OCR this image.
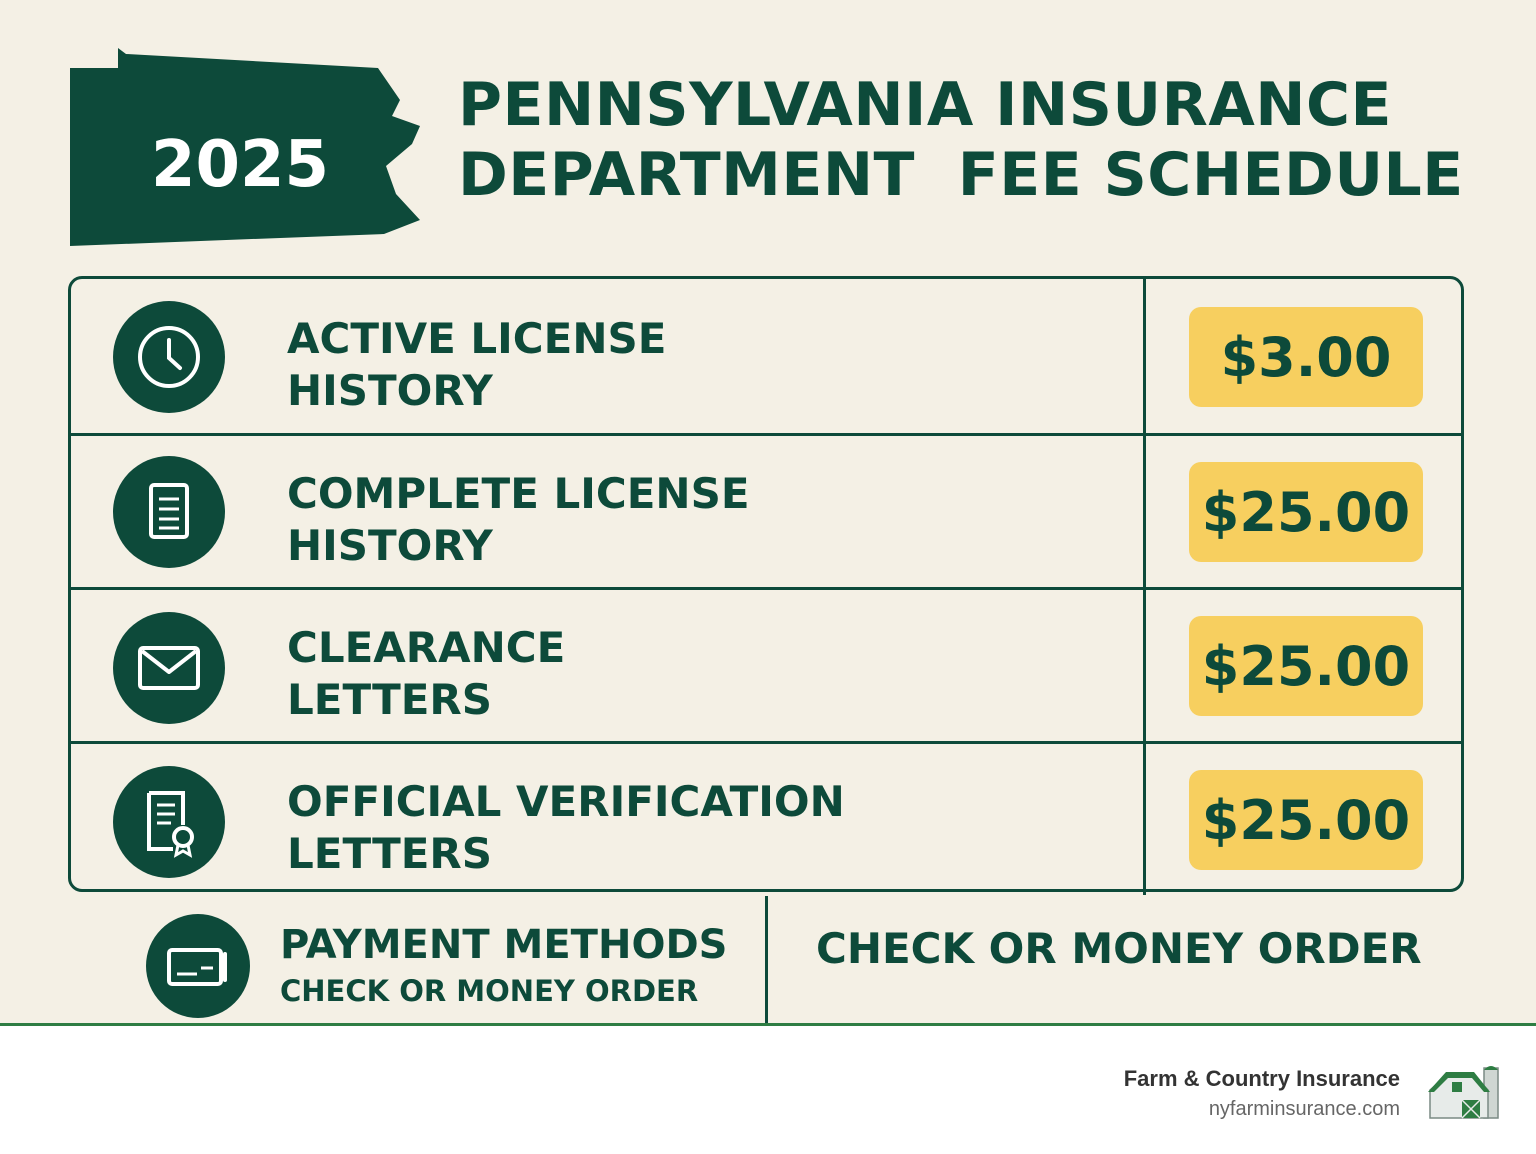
2025
PENNSYLVANIA INSURANCE
DEPARTMENT  FEE SCHEDULE
ACTIVE LICENSE
HISTORY
$3.00
COMPLETE LICENSE
HISTORY
$25.00
CLEARANCE
LETTERS
$25.00
OFFICIAL VERIFICATION
LETTERS
$25.00
PAYMENT METHODS
CHECK OR MONEY ORDER
CHECK OR MONEY ORDER
Farm & Country Insurance
nyfarminsurance.com
